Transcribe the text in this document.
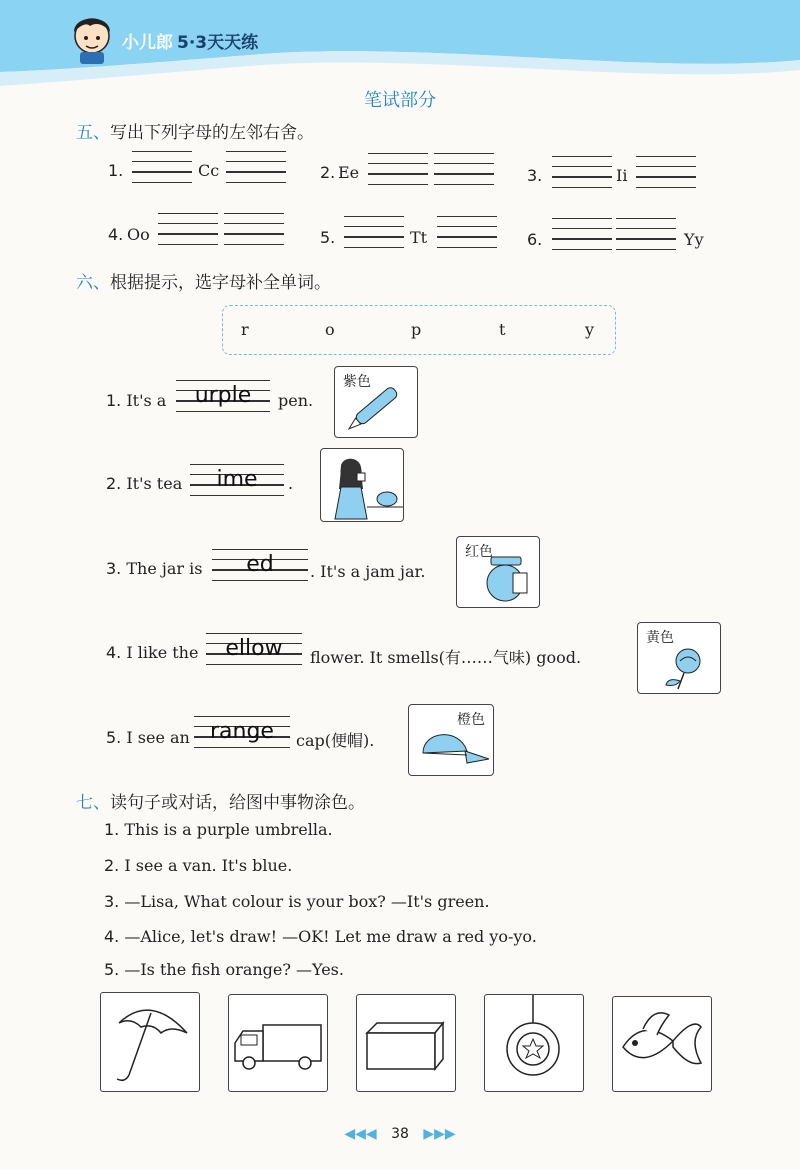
小儿郎 5·3天天练
笔试部分
五、写出下列字母的左邻右舍。
1.	Cc	2. Ee	3.	Ii
4. Oo	5.	Tt	6.	Yy
六、根据提示，选字母补全单词。
r	o	p	t	y
1. It's a	urple	pen.
紫色
2. It's tea	ime	.
3. The jar is	ed	. It's a jam jar.
红色
4. I like the	ellow	flower. It smells(有……气味) good.
黄色
5. I see an range	cap(便帽).
橙色
七、读句子或对话，给图中事物涂色。
1. This is a purple umbrella.
2. I see a van. It's blue.
3. —Lisa, What colour is your box? —It's green.
4. —Alice, let's draw! —OK! Let me draw a red yo-yo.
5. —Is the fish orange? —Yes.
◀◀◀ 38 ▶▶▶
